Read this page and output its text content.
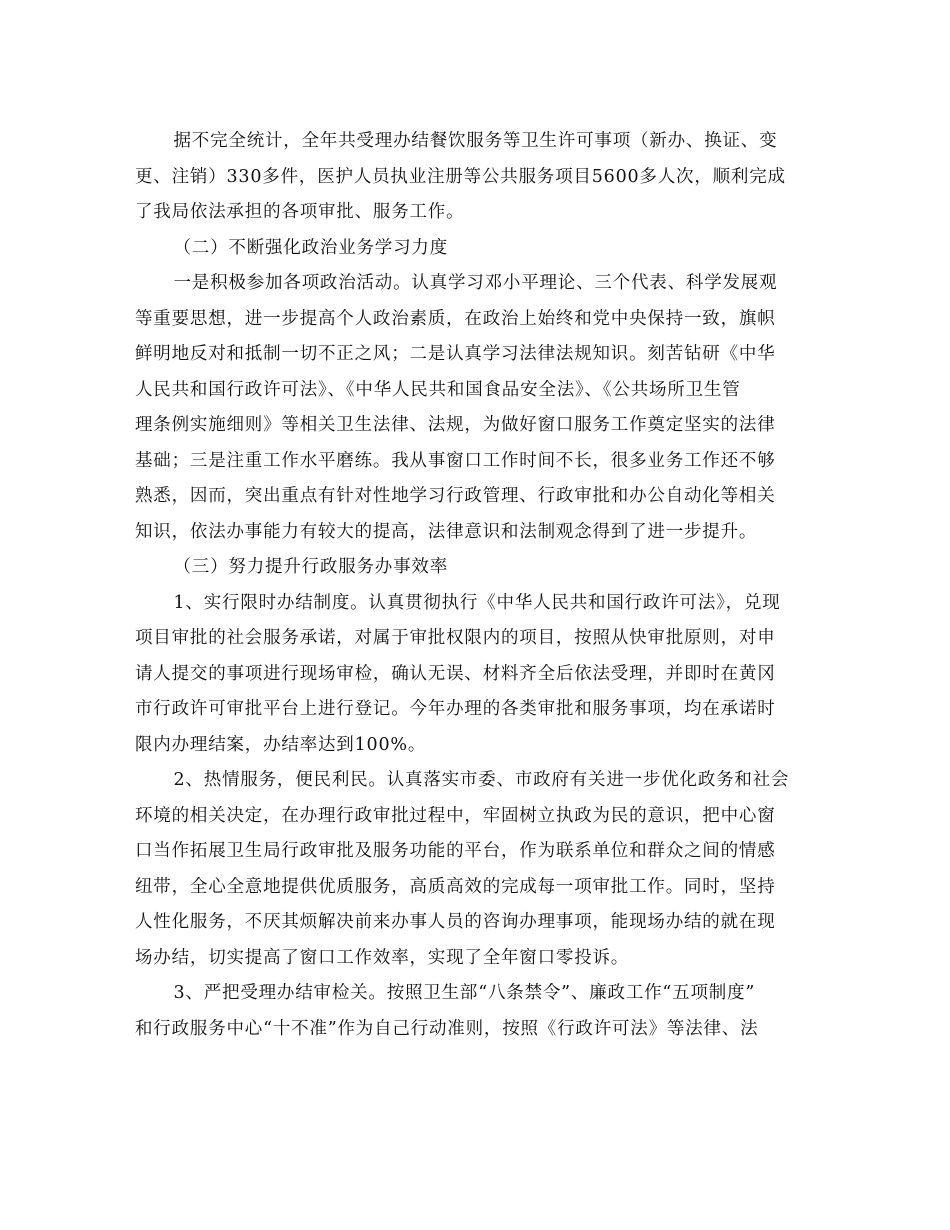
据不完全统计，全年共受理办结餐饮服务等卫生许可事项（新办、换证、变
更、注销）330多件，医护人员执业注册等公共服务项目5600多人次，顺利完成
了我局依法承担的各项审批、服务工作。

（二）不断强化政治业务学习力度

一是积极参加各项政治活动。认真学习邓小平理论、三个代表、科学发展观
等重要思想，进一步提高个人政治素质，在政治上始终和党中央保持一致，旗帜
鲜明地反对和抵制一切不正之风；二是认真学习法律法规知识。刻苦钻研《中华
人民共和国行政许可法》、《中华人民共和国食品安全法》、《公共场所卫生管
理条例实施细则》等相关卫生法律、法规，为做好窗口服务工作奠定坚实的法律
基础；三是注重工作水平磨练。我从事窗口工作时间不长，很多业务工作还不够
熟悉，因而，突出重点有针对性地学习行政管理、行政审批和办公自动化等相关
知识，依法办事能力有较大的提高，法律意识和法制观念得到了进一步提升。

（三）努力提升行政服务办事效率

1、实行限时办结制度。认真贯彻执行《中华人民共和国行政许可法》，兑现
项目审批的社会服务承诺，对属于审批权限内的项目，按照从快审批原则，对申
请人提交的事项进行现场审检，确认无误、材料齐全后依法受理，并即时在黄冈
市行政许可审批平台上进行登记。今年办理的各类审批和服务事项，均在承诺时
限内办理结案，办结率达到100%。

2、热情服务，便民利民。认真落实市委、市政府有关进一步优化政务和社会
环境的相关决定，在办理行政审批过程中，牢固树立执政为民的意识，把中心窗
口当作拓展卫生局行政审批及服务功能的平台，作为联系单位和群众之间的情感
纽带，全心全意地提供优质服务，高质高效的完成每一项审批工作。同时，坚持
人性化服务，不厌其烦解决前来办事人员的咨询办理事项，能现场办结的就在现
场办结，切实提高了窗口工作效率，实现了全年窗口零投诉。

3、严把受理办结审检关。按照卫生部“八条禁令”、廉政工作“五项制度”
和行政服务中心“十不准”作为自己行动准则，按照《行政许可法》等法律、法
